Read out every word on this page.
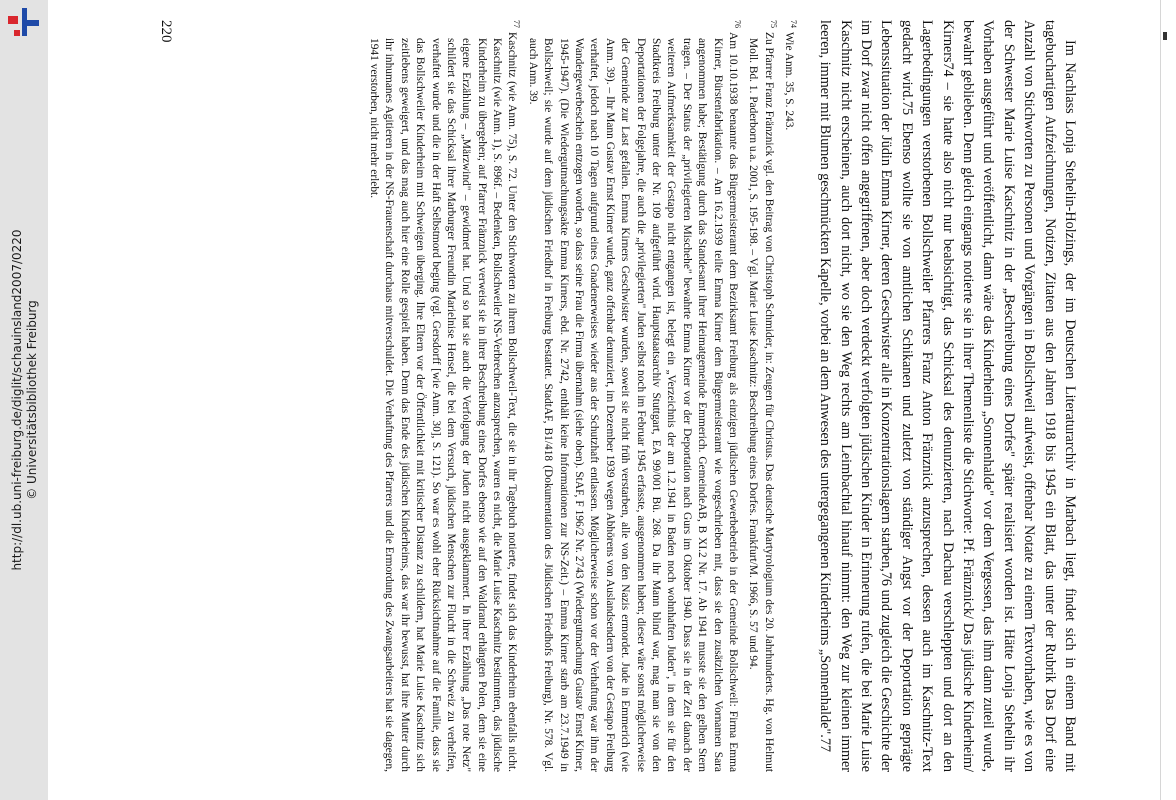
http://dl.ub.uni-freiburg.de/diglit/schauinsland2007/0220 © Universitätsbibliothek Freiburg	Im Nachlass Lonja Stehelin-Holzings, der im Deutschen Literaturarchiv in Marbach liegt, findet sich in einem Band mit tagebuchartigen Aufzeichnungen, Notizen, Zitaten aus den Jahren 1918 bis 1945 ein Blatt, das unter der Rubrik Das Dorf eine Anzahl von Stichworten zu Personen und Vorgängen in Bollschweil aufweist, offenbar Notate zu einem Textvorhaben, wie es von der Schwester Marie Luise Kaschnitz in der „Beschreibung eines Dorfes" später realisiert worden ist. Hätte Lonja Stehelin ihr Vorhaben ausgeführt und veröffentlicht, dann wäre das Kinderheim „Sonnenhalde" vor dem Vergessen, das ihm dann zuteil wurde, bewahrt geblieben. Denn gleich eingangs notierte sie in ihrer Themenliste die Stichworte: Pf. Fränznick/ Das jüdische Kinderheim/ Kirners74 – sie hatte also nicht nur beabsichtigt, das Schicksal des denunzierten, nach Dachau verschleppten und dort an den Lagerbedingungen verstorbenen Bollschweiler Pfarrers Franz Anton Fränznick anzusprechen, dessen auch im Kaschnitz-Text gedacht wird.75 Ebenso wollte sie von amtlichen Schikanen und zuletzt von ständiger Angst vor der Deportation geprägte Lebenssituation der Jüdin Emma Kirner, deren Geschwister alle in Konzentrationslagern starben,76 und zugleich die Geschichte der im Dorf zwar nicht offen angegriffenen, aber doch verdeckt verfolgten jüdischen Kinder in Erinnerung rufen, die bei Marie Luise Kaschnitz nicht erscheinen, auch dort nicht, wo sie den Weg rechts am Leimbachtal hinauf nimmt: den Weg zur kleinen immer leeren, immer mit Blumen geschmückten Kapelle, vorbei an dem Anwesen des untergegangenen Kinderheims „Sonnenhalde".77

$^{74}$Wie Anm. 35, S. 243.

$^{75}$Zu Pfarrer Franz Fränznick vgl. den Beitrag von Christoph Schmider, in: Zeugen für Christus. Das deutsche Martyrologium des 20. Jahrhunderts. Hg. von Helmut Moll. Bd. 1. Paderborn u.a. 2001, S. 195-198. – Vgl. Marie Luise Kaschnitz: Beschreibung eines Dorfes. Frankfurt/M. 1966, S. 57 und 94.

$^{76}$Am 10.10.1938 benannte das Bürgermeisteramt dem Bezirksamt Freiburg als einzigen jüdischen Gewerbebetrieb in der Gemeinde Bollschweil: Firma Emma Kirner, Bürstenfabrikation. – Am 16.2.1939 teilte Emma Kirner dem Bürgermeisteramt wie vorgeschrieben mit, dass sie den zusätzlichen Vornamen Sara angenommen habe; Bestätigung durch das Standesamt ihrer Heimatgemeinde Emmerich. GemeindeAB, B XI.2 Nr. 17. Ab 1941 musste sie den gelben Stern tragen. – Der Status der „privilegierten Mischehe" bewahrte Emma Kirner vor der Deportation nach Gurs im Oktober 1940. Dass sie in der Zeit danach der weiteren Aufmerksamkeit der Gestapo nicht entgangen ist, belegt ein „Verzeichnis der am 1.2.1941 in Baden noch wohnhaften Juden", in dem sie für den Stadtkreis Freiburg unter der Nr. 109 aufgeführt wird. Hauptstaatsarchiv Stuttgart, EA 99/001 Bü. 268. Da ihr Mann blind war, mag man sie von den Deportationen der Folgejahre, die auch die „privilegierten" Juden selbst noch im Februar 1945 erfasste, ausgenommen haben; dieser wäre sonst möglicherweise der Gemeinde zur Last gefallen. Emma Kirners Geschwister wurden, soweit sie nicht früh verstarben, alle von den Nazis ermordet. Jude in Emmerich (wie Anm. 39). – Ihr Mann Gustav Ernst Kirner wurde, ganz offenbar denunziert, im Dezember 1939 wegen Abhörens von Auslandsendern von der Gestapo Freiburg verhaftet, jedoch nach 10 Tagen aufgrund eines Gnadenerweises wieder aus der Schutzhaft entlassen. Möglicherweise schon vor der Verhaftung war ihm der Wandergewerbeschein entzogen worden, so dass seine Frau die Firma übernahm (siehe oben). StAF, F 196/2 Nr. 2743 (Wiedergutmachung Gustav Ernst Kirner, 1945-1947). (Die Wiedergutmachungsakte Emma Kirners, ebd. Nr. 2742, enthält keine Informationen zur NS-Zeit.) – Emma Kirner starb am 23.7.1949 in Bollschweil; sie wurde auf dem jüdischen Friedhof in Freiburg bestattet. StadtAF, B1/418 (Dokumentation des Jüdischen Friedhofs Freiburg), Nr. 578. Vgl. auch Anm. 39.

$^{77}$Kaschnitz (wie Anm. 75), S. 72. Unter den Stichworten zu ihrem Bollschweil-Text, die sie in ihr Tagebuch notierte, findet sich das Kinderheim ebenfalls nicht. Kaschnitz (wie Anm. 1), S. 896f. – Bedenken, Bollschweiler NS-Verbrechen anzusprechen, waren es nicht, die Marie Luise Kaschnitz bestimmten, das jüdische Kinderheim zu übergehen; auf Pfarrer Fränznick verweist sie in ihrer Beschreibung eines Dorfes ebenso wie auf den Waldrand erhängten Polen, dem sie eine eigene Erzählung – „Märzwind" – gewidmet hat. Und so hat sie auch die Verfolgung der Juden nicht ausgeklammert. In ihrer Erzählung „Das rote Netz" schildert sie das Schicksal ihrer Marburger Freundin Marielnise Hensel, die bei dem Versuch, jüdischen Menschen zur Flucht in die Schweiz zu verhelfen, verhaftet wurde und die in der Haft Selbstmord beging (vgl. Gersdorff [wie Anm. 30], S. 121). So war es wohl eher Rücksichtnahme auf die Familie, dass sie das Bollschweiler Kinderheim mit Schweigen überging. Ihre Eltern vor der Öffentlichkeit mit kritischer Distanz zu schildern, hat Marie Luise Kaschnitz sich zeitlebens geweigert, und das mag auch hier eine Rolle gespielt haben. Denn das Ende des jüdischen Kinderheims, das war ihr bewusst, hat ihre Mutter durch ihr inhumanes Agitieren in der NS-Frauenschaft durchaus mitverschuldet. Die Verhaftung des Pfarrers und die Ermordung des Zwangsarbeiters hat sie dagegen, 1941 verstorben, nicht mehr erlebt.

220
